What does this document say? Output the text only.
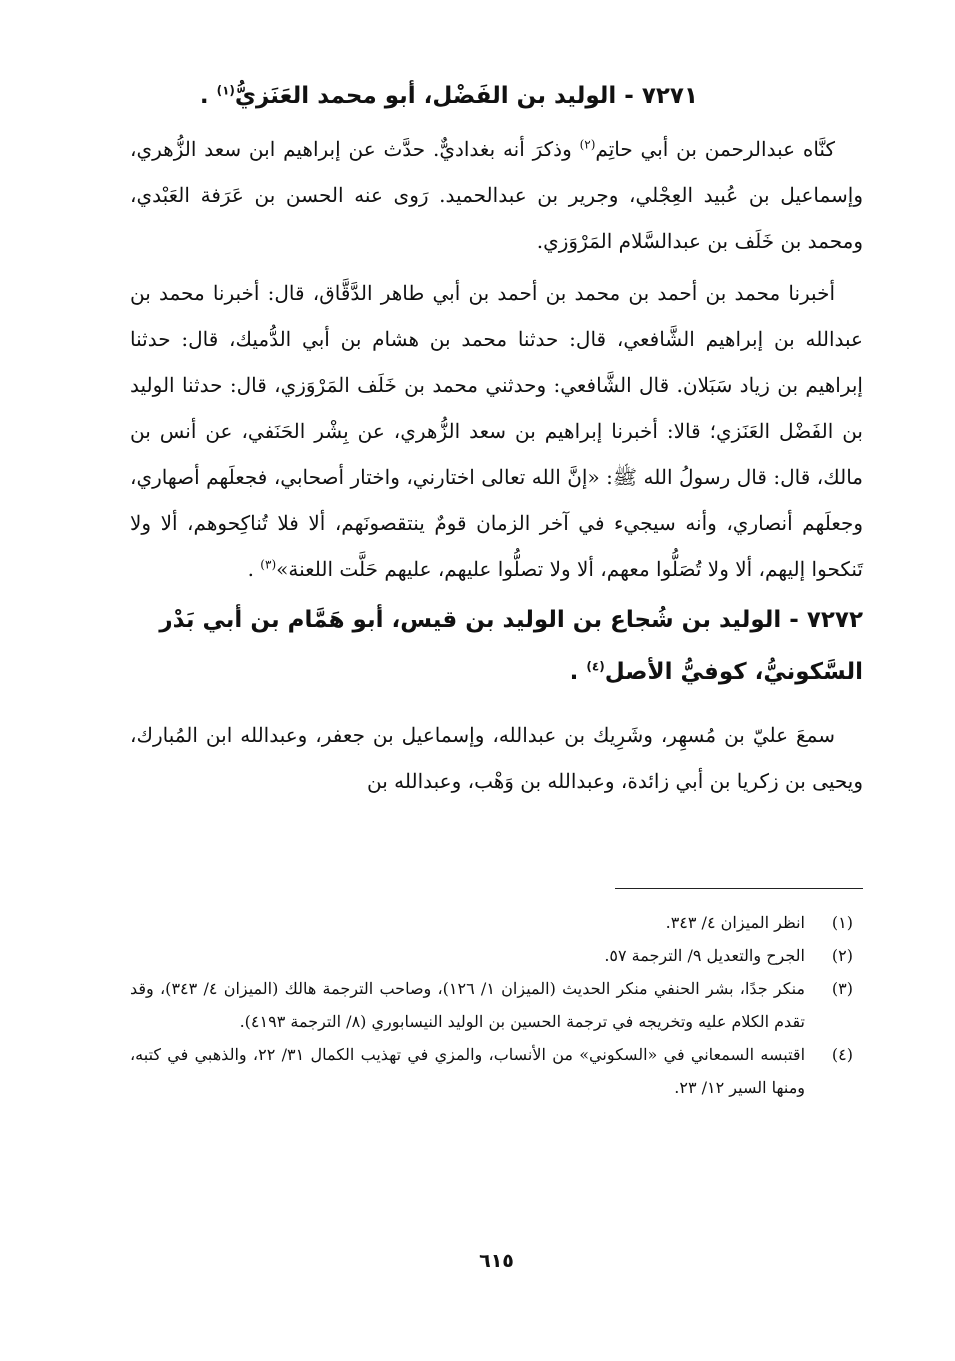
٧٢٧١ - الوليد بن الفَضْل، أبو محمد العَنَزيُّ$^{(١)}$ .

كنَّاه عبدالرحمن بن أبي حاتِم$^{(٢)}$ وذكرَ أنه بغداديٌّ. حدَّث عن إبراهيم ابن سعد الزُّهري، وإسماعيل بن عُبيد العِجْلي، وجرير بن عبدالحميد. رَوى عنه الحسن بن عَرَفة العَبْدي، ومحمد بن خَلَف بن عبدالسَّلام المَرْوَزي.

أخبرنا محمد بن أحمد بن محمد بن أحمد بن أبي طاهر الدَّقَّاق، قال: أخبرنا محمد بن عبدالله بن إبراهيم الشَّافعي، قال: حدثنا محمد بن هشام بن أبي الدُّميك، قال: حدثنا إبراهيم بن زياد سَبَلان. قال الشَّافعي: وحدثني محمد بن خَلَف المَرْوَزي، قال: حدثنا الوليد بن الفَضْل العَنَزي؛ قالا: أخبرنا إبراهيم بن سعد الزُّهري، عن بِشْر الحَنَفي، عن أنس بن مالك، قال: قال رسولُ الله ﷺ: «إنَّ الله تعالى اختارني، واختار أصحابي، فجعلَهم أصهاري، وجعلَهم أنصاري، وأنه سيجيء في آخر الزمان قومٌ ينتقصونَهم، ألا فلا تُناكِحوهم، ألا ولا تَنكحوا إليهم، ألا ولا تُصَلُّوا معهم، ألا ولا تصلُّوا عليهم، عليهم حَلَّت اللعنة»$^{(٣)}$ .

٧٢٧٢ - الوليد بن شُجاع بن الوليد بن قيس، أبو هَمَّام بن أبي بَدْر السَّكونيُّ، كوفيُّ الأصل$^{(٤)}$ .

سمعَ عليّ بن مُسهِر، وشَرِيك بن عبدالله، وإسماعيل بن جعفر، وعبدالله ابن المُبارك، ويحيى بن زكريا بن أبي زائدة، وعبدالله بن وَهْب، وعبدالله بن

(١)
انظر الميزان ٤/ ٣٤٣.
(٢)
الجرح والتعديل ٩/ الترجمة ٥٧.
(٣)
منكر جدًا، بشر الحنفي منكر الحديث (الميزان ١/ ١٢٦)، وصاحب الترجمة هالك (الميزان ٤/ ٣٤٣)، وقد تقدم الكلام عليه وتخريجه في ترجمة الحسين بن الوليد النيسابوري (٨/ الترجمة ٤١٩٣).
(٤)
اقتبسه السمعاني في «السكوني» من الأنساب، والمزي في تهذيب الكمال ٣١/ ٢٢، والذهبي في كتبه، ومنها السير ١٢/ ٢٣.
٦١٥
